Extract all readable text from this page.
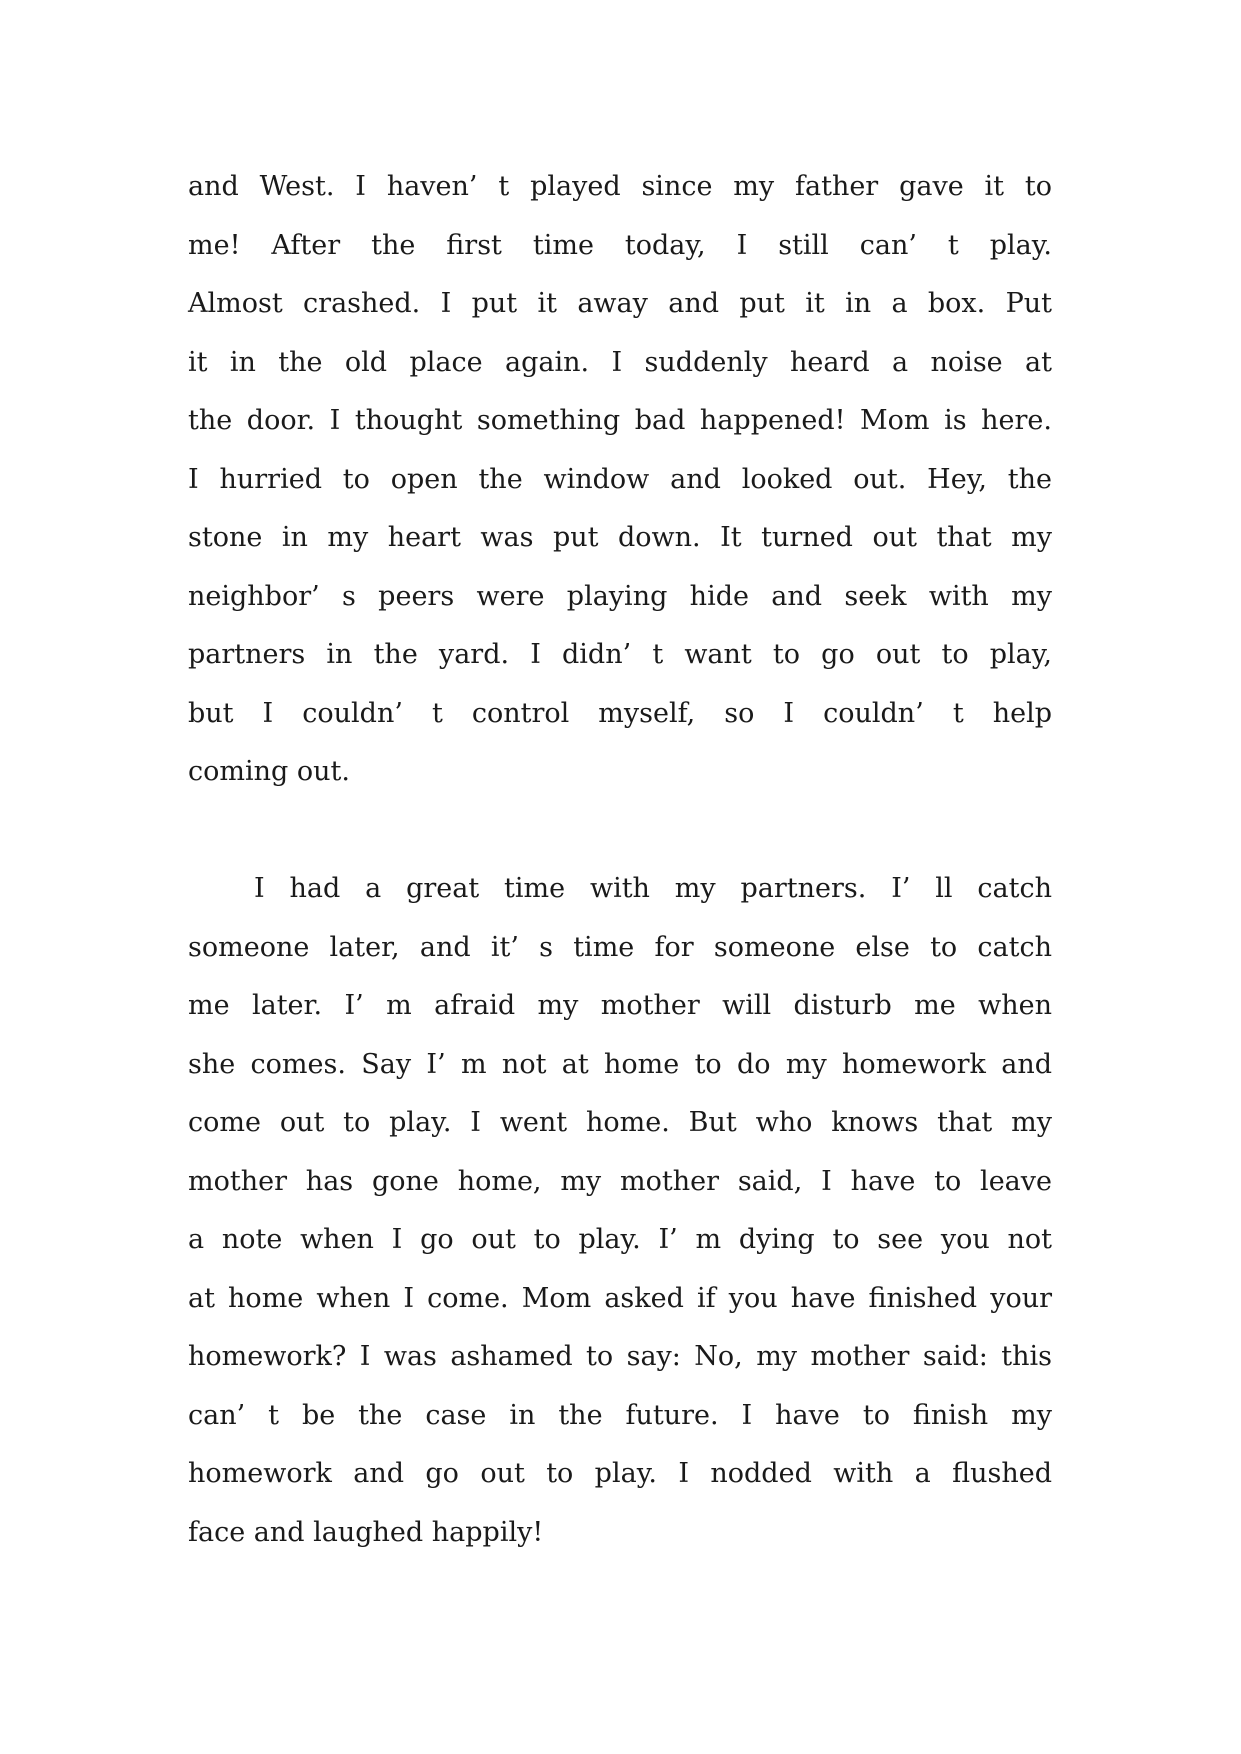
and West. I haven’ t played since my father gave it to
me! After the first time today, I still can’ t play.
Almost crashed. I put it away and put it in a box. Put
it in the old place again. I suddenly heard a noise at
the door. I thought something bad happened! Mom is here.
I hurried to open the window and looked out. Hey, the
stone in my heart was put down. It turned out that my
neighbor’ s peers were playing hide and seek with my
partners in the yard. I didn’ t want to go out to play,
but I couldn’ t control myself, so I couldn’ t help
coming out.
I had a great time with my partners. I’ ll catch
someone later, and it’ s time for someone else to catch
me later. I’ m afraid my mother will disturb me when
she comes. Say I’ m not at home to do my homework and
come out to play. I went home. But who knows that my
mother has gone home, my mother said, I have to leave
a note when I go out to play. I’ m dying to see you not
at home when I come. Mom asked if you have finished your
homework? I was ashamed to say: No, my mother said: this
can’ t be the case in the future. I have to finish my
homework and go out to play. I nodded with a flushed
face and laughed happily!
